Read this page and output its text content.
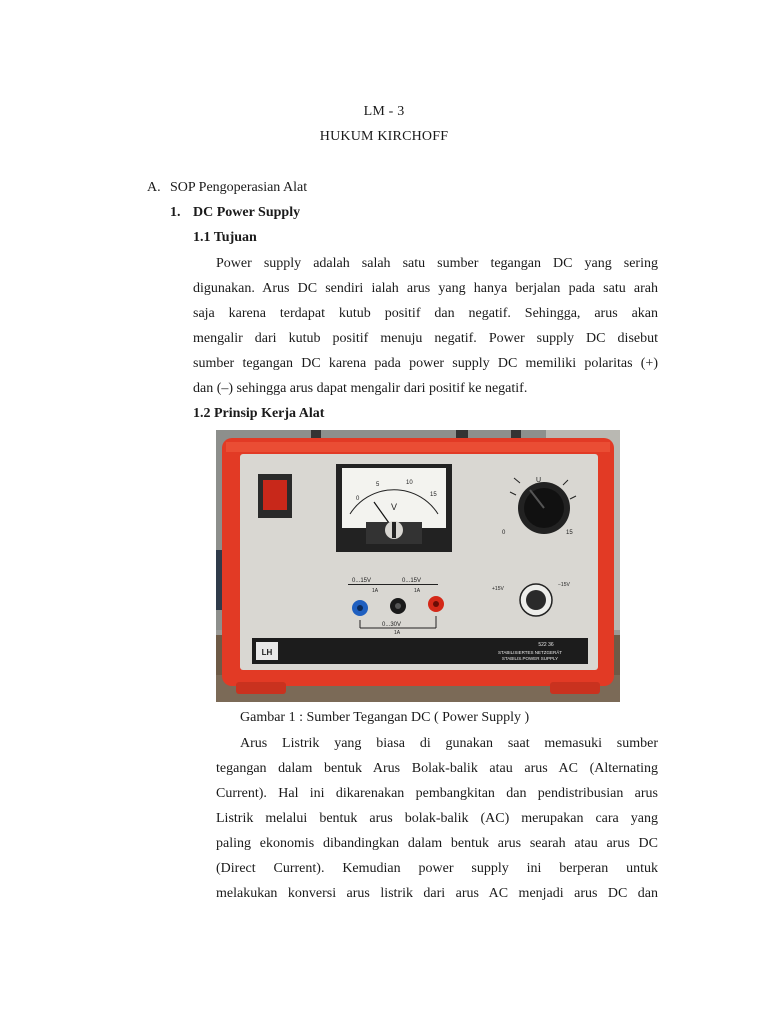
LM - 3
HUKUM KIRCHOFF
A. SOP Pengoperasian Alat
1. DC Power Supply
1.1 Tujuan
Power supply adalah salah satu sumber tegangan DC yang sering
digunakan. Arus DC sendiri ialah arus yang hanya berjalan pada satu arah
saja karena terdapat kutub positif dan negatif. Sehingga, arus akan
mengalir dari kutub positif menuju negatif. Power supply DC disebut
sumber tegangan DC karena pada power supply DC memiliki polaritas (+)
dan (–) sehingga arus dapat mengalir dari positif ke negatif.
1.2 Prinsip Kerja Alat
LH
522 36
STABILISIERTES NETZGERÄT
STABILIS.POWER SUPPLY
0
5	10
15
V
U
0	15
0...15V	0...15V
1A	1A
0...30V
1A
+15V
−15V
Gambar 1 : Sumber Tegangan DC ( Power Supply )
Arus Listrik yang biasa di gunakan saat memasuki sumber
tegangan dalam bentuk Arus Bolak-balik atau arus AC (Alternating
Current). Hal ini dikarenakan pembangkitan dan pendistribusian arus
Listrik melalui bentuk arus bolak-balik (AC) merupakan cara yang
paling ekonomis dibandingkan dalam bentuk arus searah atau arus DC
(Direct Current). Kemudian power supply ini berperan untuk
melakukan konversi arus listrik dari arus AC menjadi arus DC dan
